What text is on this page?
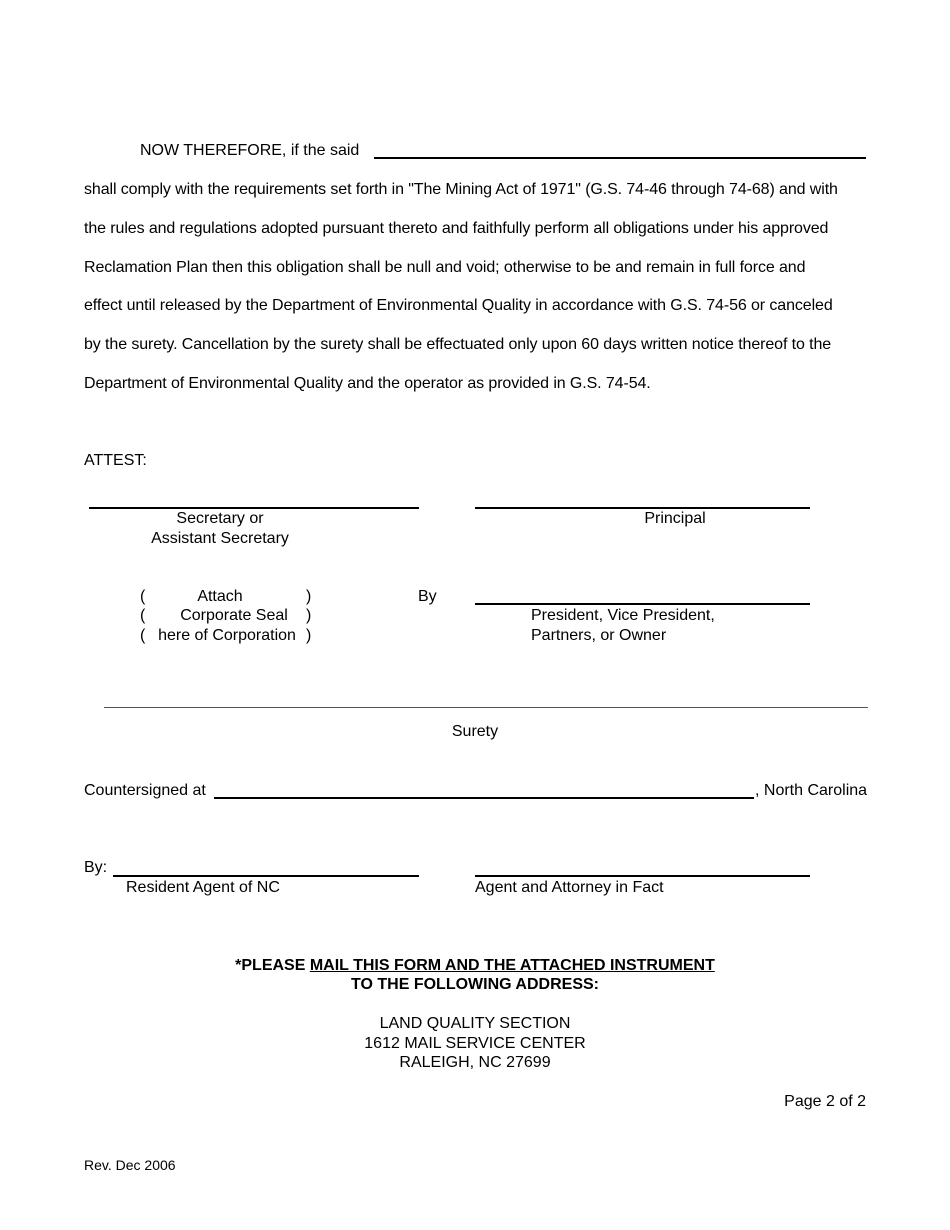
NOW THEREFORE, if the said
shall comply with the requirements set forth in "The Mining Act of 1971" (G.S. 74-46 through 74-68) and with
the rules and regulations adopted pursuant thereto and faithfully perform all obligations under his approved
Reclamation Plan then this obligation shall be null and void; otherwise to be and remain in full force and
effect until released by the Department of Environmental Quality in accordance with G.S. 74-56 or canceled
by the surety. Cancellation by the surety shall be effectuated only upon 60 days written notice thereof to the
Department of Environmental Quality and the operator as provided in G.S. 74-54.
ATTEST:
Secretary or
Assistant Secretary
Principal
(
(
(
Attach
Corporate Seal
here of Corporation
)
)
)
By
President, Vice President,
Partners, or Owner
Surety
Countersigned at	, North Carolina
By:
Resident Agent of NC	Agent and Attorney in Fact
*PLEASE MAIL THIS FORM AND THE ATTACHED INSTRUMENT
TO THE FOLLOWING ADDRESS:
LAND QUALITY SECTION
1612 MAIL SERVICE CENTER
RALEIGH, NC 27699
Page 2 of 2
Rev. Dec 2006
